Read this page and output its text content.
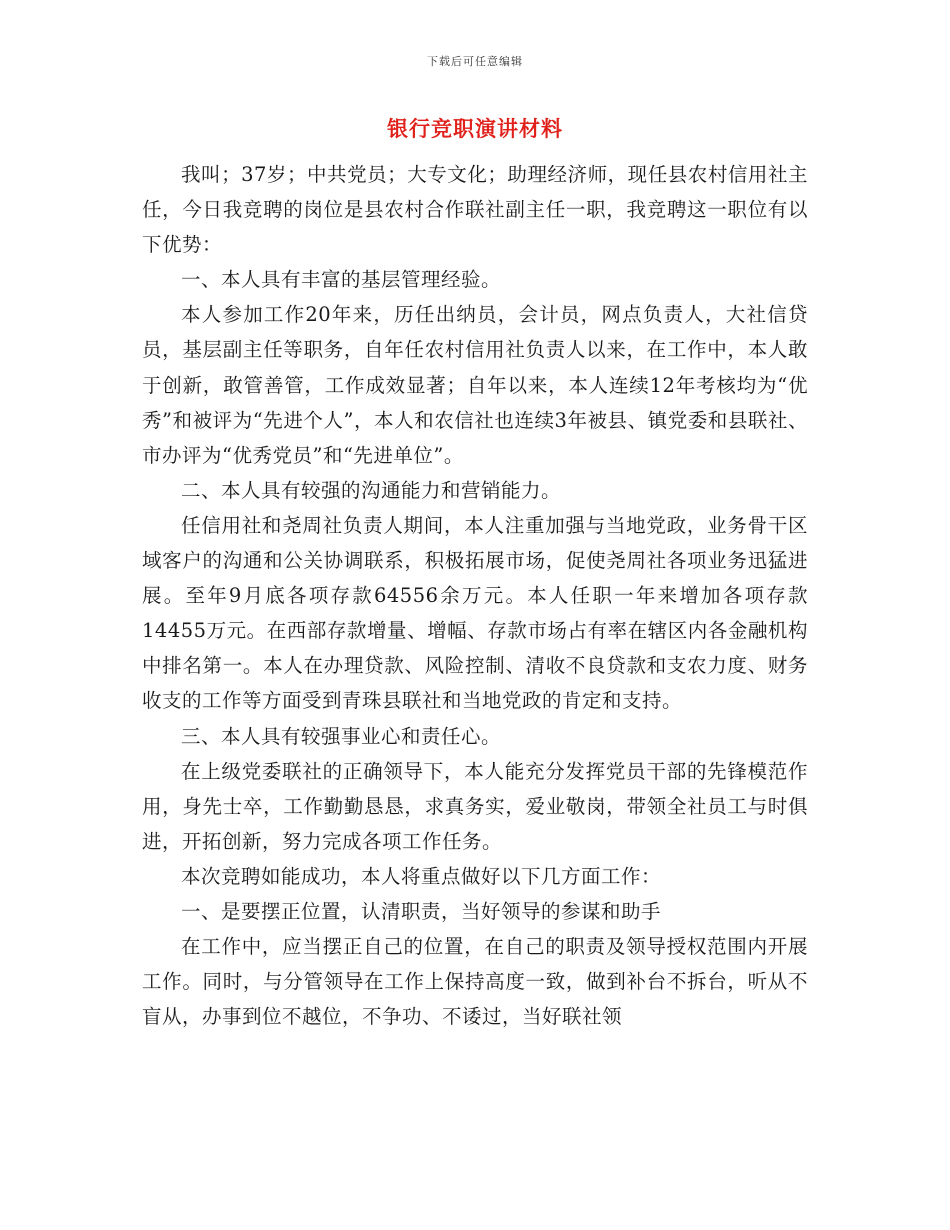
下载后可任意编辑
银行竞职演讲材料

我叫；37岁；中共党员；大专文化；助理经济师，现任县农村信用社主任，今日我竞聘的岗位是县农村合作联社副主任一职，我竞聘这一职位有以下优势：

一、本人具有丰富的基层管理经验。

本人参加工作20年来，历任出纳员，会计员，网点负责人，大社信贷员，基层副主任等职务，自年任农村信用社负责人以来，在工作中，本人敢于创新，敢管善管，工作成效显著；自年以来，本人连续12年考核均为“优秀”和被评为“先进个人”，本人和农信社也连续3年被县、镇党委和县联社、市办评为“优秀党员”和“先进单位”。

二、本人具有较强的沟通能力和营销能力。

任信用社和尧周社负责人期间，本人注重加强与当地党政，业务骨干区域客户的沟通和公关协调联系，积极拓展市场，促使尧周社各项业务迅猛进展。至年9月底各项存款64556余万元。本人任职一年来增加各项存款14455万元。在西部存款增量、增幅、存款市场占有率在辖区内各金融机构中排名第一。本人在办理贷款、风险控制、清收不良贷款和支农力度、财务收支的工作等方面受到青珠县联社和当地党政的肯定和支持。

三、本人具有较强事业心和责任心。

在上级党委联社的正确领导下，本人能充分发挥党员干部的先锋模范作用，身先士卒，工作勤勤恳恳，求真务实，爱业敬岗，带领全社员工与时俱进，开拓创新，努力完成各项工作任务。

本次竞聘如能成功，本人将重点做好以下几方面工作：

一、是要摆正位置，认清职责，当好领导的参谋和助手

在工作中，应当摆正自己的位置，在自己的职责及领导授权范围内开展工作。同时，与分管领导在工作上保持高度一致，做到补台不拆台，听从不盲从，办事到位不越位，不争功、不诿过，当好联社领
